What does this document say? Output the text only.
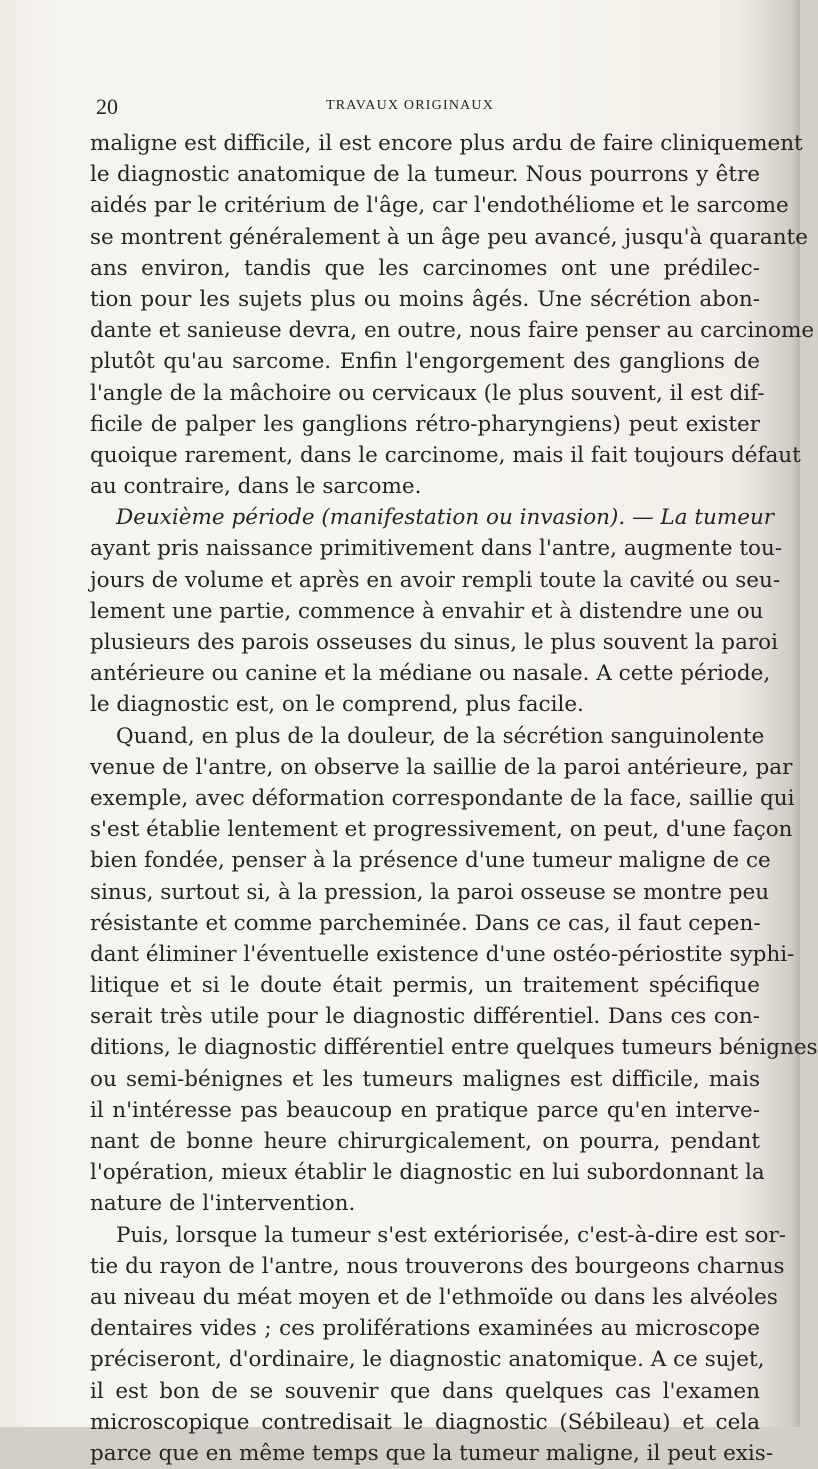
20	TRAVAUX ORIGINAUX
maligne est difficile, il est encore plus ardu de faire cliniquement
le diagnostic anatomique de la tumeur. Nous pourrons y être
aidés par le critérium de l'âge, car l'endothéliome et le sarcome
se montrent généralement à un âge peu avancé, jusqu'à quarante
ans environ, tandis que les carcinomes ont une prédilec-
tion pour les sujets plus ou moins âgés. Une sécrétion abon-
dante et sanieuse devra, en outre, nous faire penser au carcinome
plutôt qu'au sarcome. Enfin l'engorgement des ganglions de
l'angle de la mâchoire ou cervicaux (le plus souvent, il est dif-
ficile de palper les ganglions rétro-pharyngiens) peut exister
quoique rarement, dans le carcinome, mais il fait toujours défaut
au contraire, dans le sarcome.
Deuxième période (manifestation ou invasion). — La tumeur
ayant pris naissance primitivement dans l'antre, augmente tou-
jours de volume et après en avoir rempli toute la cavité ou seu-
lement une partie, commence à envahir et à distendre une ou
plusieurs des parois osseuses du sinus, le plus souvent la paroi
antérieure ou canine et la médiane ou nasale. A cette période,
le diagnostic est, on le comprend, plus facile.
Quand, en plus de la douleur, de la sécrétion sanguinolente
venue de l'antre, on observe la saillie de la paroi antérieure, par
exemple, avec déformation correspondante de la face, saillie qui
s'est établie lentement et progressivement, on peut, d'une façon
bien fondée, penser à la présence d'une tumeur maligne de ce
sinus, surtout si, à la pression, la paroi osseuse se montre peu
résistante et comme parcheminée. Dans ce cas, il faut cepen-
dant éliminer l'éventuelle existence d'une ostéo-périostite syphi-
litique et si le doute était permis, un traitement spécifique
serait très utile pour le diagnostic différentiel. Dans ces con-
ditions, le diagnostic différentiel entre quelques tumeurs bénignes
ou semi-bénignes et les tumeurs malignes est difficile, mais
il n'intéresse pas beaucoup en pratique parce qu'en interve-
nant de bonne heure chirurgicalement, on pourra, pendant
l'opération, mieux établir le diagnostic en lui subordonnant la
nature de l'intervention.
Puis, lorsque la tumeur s'est extériorisée, c'est-à-dire est sor-
tie du rayon de l'antre, nous trouverons des bourgeons charnus
au niveau du méat moyen et de l'ethmoïde ou dans les alvéoles
dentaires vides ; ces proliférations examinées au microscope
préciseront, d'ordinaire, le diagnostic anatomique. A ce sujet,
il est bon de se souvenir que dans quelques cas l'examen
microscopique contredisait le diagnostic (Sébileau) et cela
parce que en même temps que la tumeur maligne, il peut exis-
